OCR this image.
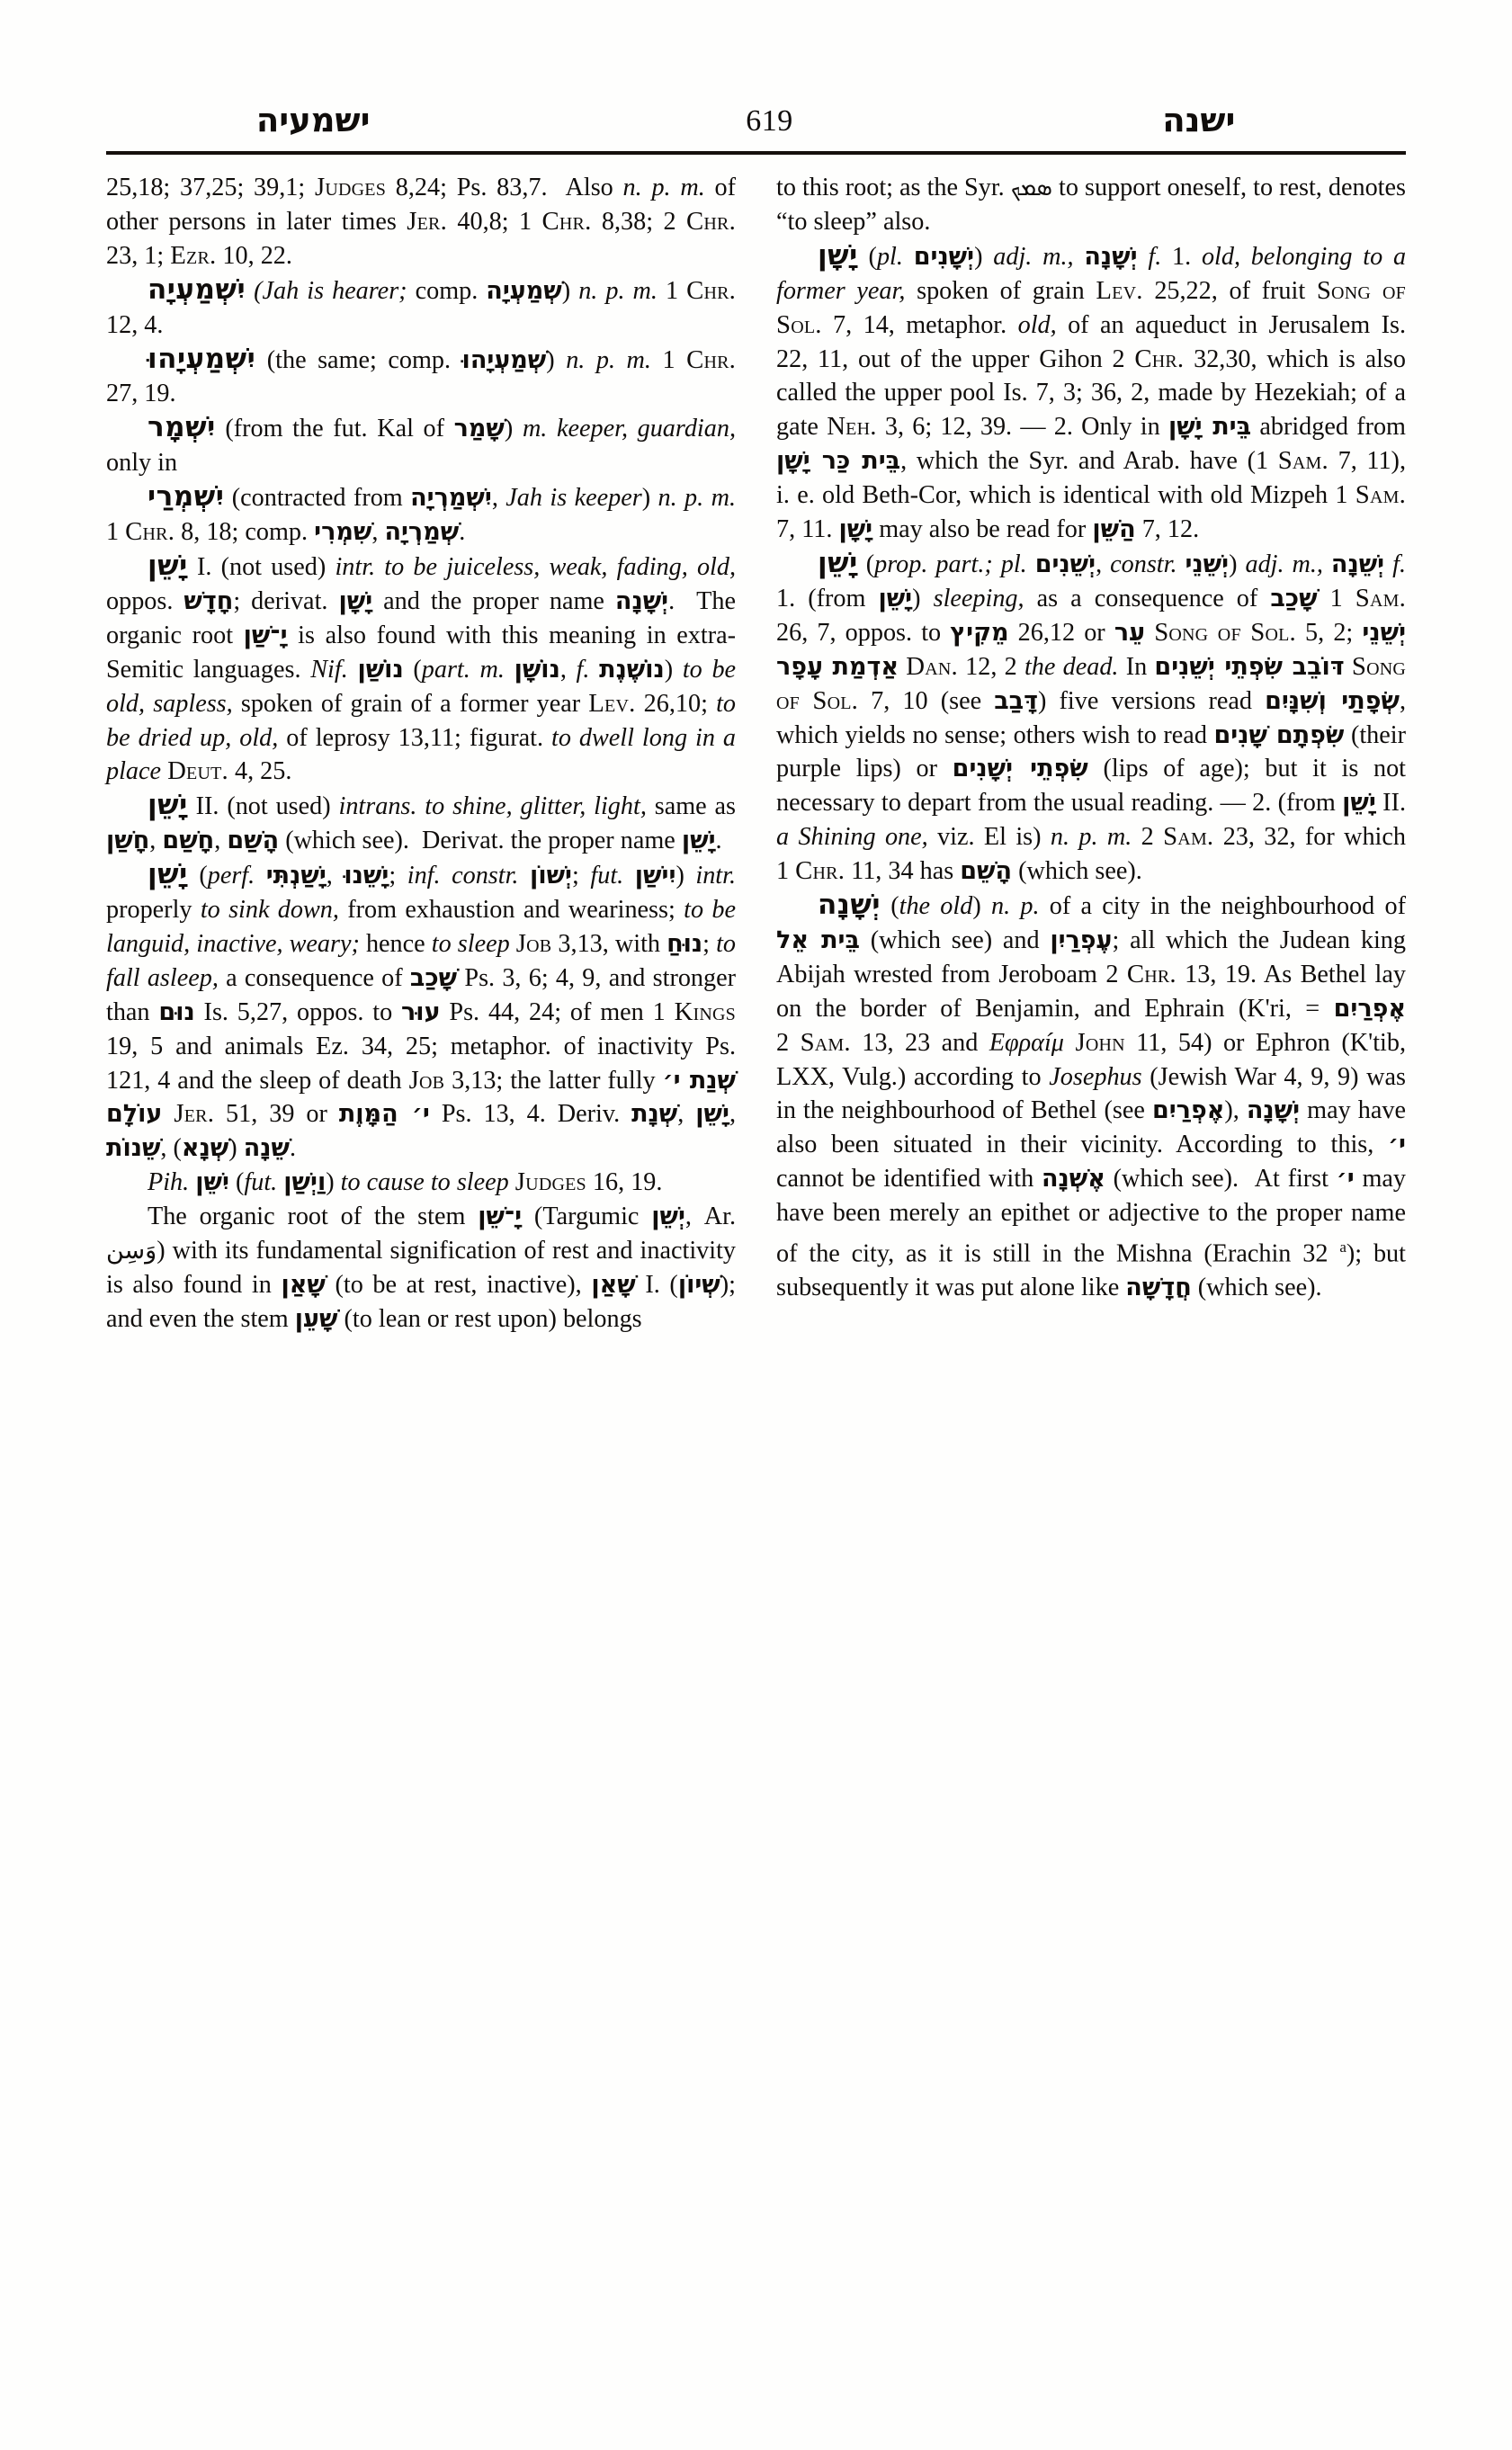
ישמעיה	619	ישנה

25,18; 37,25; 39,1; Judges 8,24; Ps. 83,7.  Also n. p. m. of other persons in later times Jer. 40,8; 1 Chr. 8,38; 2 Chr. 23, 1; Ezr. 10, 22.

יִשְׁמַעְיָה (Jah is hearer; comp. שְׁמַעְיָה) n. p. m. 1 Chr. 12, 4.

יִשְׁמַעְיָהוּ (the same; comp. שְׁמַעְיָהוּ) n. p. m. 1 Chr. 27, 19.

יִשְׁמָר (from the fut. Kal of שָׁמַר) m. keeper, guardian, only in

יִשְׁמְרַי (contracted from יִשְׁמַרְיָה, Jah is keeper) n. p. m. 1 Chr. 8, 18; comp. שִׁמְרִי, שְׁמַרְיָה.

יָשֵׁן I. (not used) intr. to be juiceless, weak, fading, old, oppos. חָדָשׁ; derivat. יָשָׁן and the proper name יְשָׁנָה.  The organic root יָ־שַׁן is also found with this meaning in extra-Semitic languages. Nif. נוֹשַׁן (part. m. נוֹשָׁן, f. נוֹשֶׁנֶת) to be old, sapless, spoken of grain of a former year Lev. 26,10; to be dried up, old, of leprosy 13,11; figurat. to dwell long in a place Deut. 4, 25.

יָשֵׁן II. (not used) intrans. to shine, glitter, light, same as חָשַׁן, חָשַׁם, הָשַׁם (which see).  Derivat. the proper name יָשֵׁן.

יָשֵׁן (perf. יָשַׁנְתִּי, יָשֵׁנוּ; inf. constr. יְשׁוֹן; fut. יִישַׁן) intr. properly to sink down, from exhaustion and weariness; to be languid, inactive, weary; hence to sleep Job 3,13, with נוּחַ; to fall asleep, a consequence of שָׁכַב Ps. 3, 6; 4, 9, and stronger than נוּם Is. 5,27, oppos. to עוּר Ps. 44, 24; of men 1 Kings 19, 5 and animals Ez. 34, 25; metaphor. of inactivity Ps. 121, 4 and the sleep of death Job 3,13; the latter fully שְׁנַת י׳ עוֹלָם Jer. 51, 39 or י׳ הַמָּוֶת Ps. 13, 4. Deriv. שְׁנָת, יָשֵׁן, שֵׁנוֹת, (שְׁנָא) שֵׁנָה.

Pih. יִשֵּׁן (fut. וַיְשַׁן) to cause to sleep Judges 16, 19.

The organic root of the stem יָ־שֵׁן (Targumic יְשֵׁן, Ar. وَسِن) with its fundamental signification of rest and inactivity is also found in שָׁאַן (to be at rest, inactive), שָׁאַן I. (שְׁיוֹן); and even the stem שָׁעֵן (to lean or rest upon) belongs

to this root; as the Syr. ܣܡܟ to support oneself, to rest, denotes “to sleep” also.

יָשָׁן (pl. יְשָׁנִים) adj. m., יְשָׁנָה f. 1. old, belonging to a former year, spoken of grain Lev. 25,22, of fruit Song of Sol. 7, 14, metaphor. old, of an aqueduct in Jerusalem Is. 22, 11, out of the upper Gihon 2 Chr. 32,30, which is also called the upper pool Is. 7, 3; 36, 2, made by Hezekiah; of a gate Neh. 3, 6; 12, 39. — 2. Only in בֵּית יָשָׁן abridged from בֵּית כַּר יָשָׁן, which the Syr. and Arab. have (1 Sam. 7, 11), i. e. old Beth-Cor, which is identical with old Mizpeh 1 Sam. 7, 11. יָשָׁן may also be read for הַשֵּׁן 7, 12.

יָשֵׁן (prop. part.; pl. יְשֵׁנִים, constr. יְשֵׁנֵי) adj. m., יְשֵׁנָה f. 1. (from יָשֵׁן) sleeping, as a consequence of שָׁכַב 1 Sam. 26, 7, oppos. to מֵקִיץ 26,12 or עֵר Song of Sol. 5, 2; יְשֵׁנֵי אַדְמַת עָפָר Dan. 12, 2 the dead. In דּוֹבֵב שִׂפְתֵי יְשֵׁנִים Song of Sol. 7, 10 (see דָּבַב) five versions read שְׂפָתַי וְשִׁנָּיִם, which yields no sense; others wish to read שִׂפְתָם שָׁנִים (their purple lips) or שִׂפְתֵי יְשָׁנִים (lips of age); but it is not necessary to depart from the usual reading. — 2. (from יָשֵׁן II. a Shining one, viz. El is) n. p. m. 2 Sam. 23, 32, for which 1 Chr. 11, 34 has הָשֵׁם (which see).

יְשָׁנָה (the old) n. p. of a city in the neighbourhood of בֵּית אֵל (which see) and עֶפְרַיִן; all which the Judean king Abijah wrested from Jeroboam 2 Chr. 13, 19. As Bethel lay on the border of Benjamin, and Ephrain (K'ri, = אֶפְרַיִם 2 Sam. 13, 23 and Εφραíμ John 11, 54) or Ephron (K'tib, LXX, Vulg.) according to Josephus (Jewish War 4, 9, 9) was in the neighbourhood of Bethel (see אֶפְרַיִם), יְשָׁנָה may have also been situated in their vicinity. According to this, י׳ cannot be identified with אֶשְׁנָה (which see).  At first י׳ may have been merely an epithet or adjective to the proper name of the city, as it is still in the Mishna (Erachin 32 $^a$); but subsequently it was put alone like חֲדָשָׁה (which see).
